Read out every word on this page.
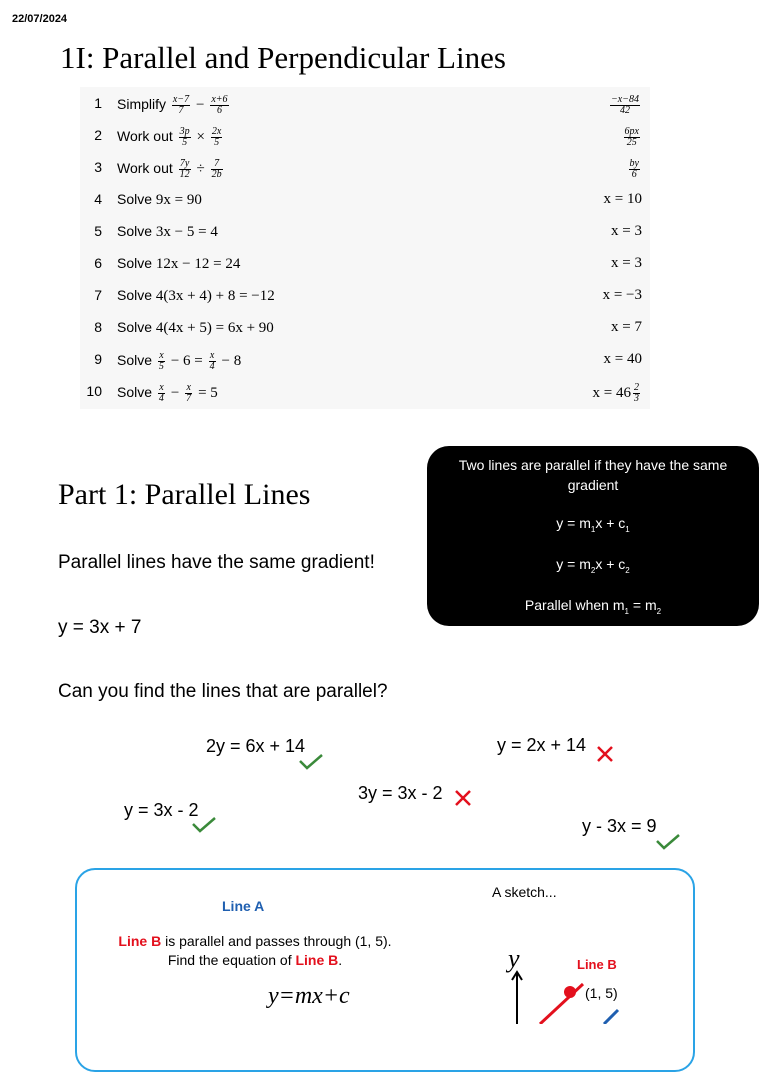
22/07/2024
1I: Parallel and Perpendicular Lines
1 Simplify $\frac{x-7}{7} - \frac{x+6}{6}$	$\frac{-x-84}{42}$
2 Work out $\frac{3p}{5} \times \frac{2x}{5}$	$\frac{6px}{25}$
3 Work out $\frac{7y}{12} \div \frac{7}{2b}$	$\frac{by}{6}$
4 Solve 9x = 90	x = 10
5 Solve 3x − 5 = 4	x = 3
6 Solve 12x − 12 = 24	x = 3
7 Solve 4(3x + 4) + 8 = −12	x = −3
8 Solve 4(4x + 5) = 6x + 90	x = 7
9 Solve $\frac{x}{5} - 6 = \frac{x}{4} - 8$	x = 40
10 Solve $\frac{x}{4} - \frac{x}{7} = 5$	$x = 46 \frac{2}{3}$
Part 1: Parallel Lines
Parallel lines have the same gradient!
y = 3x + 7
Can you find the lines that are parallel?
Two lines are parallel if they have the same
gradient
$y = m_1x + c_1$
$y = m_2x + c_2$
Parallel when $m_1 = m_2$
2y = 6x + 14	y = 2x + 14
y = 3x - 2
3y = 3x - 2
y - 3x = 9
Line A
A sketch...
Line B is parallel and passes through (1, 5).
Find the equation of Line B.
y=mx+c
y	Line B
(1, 5)
